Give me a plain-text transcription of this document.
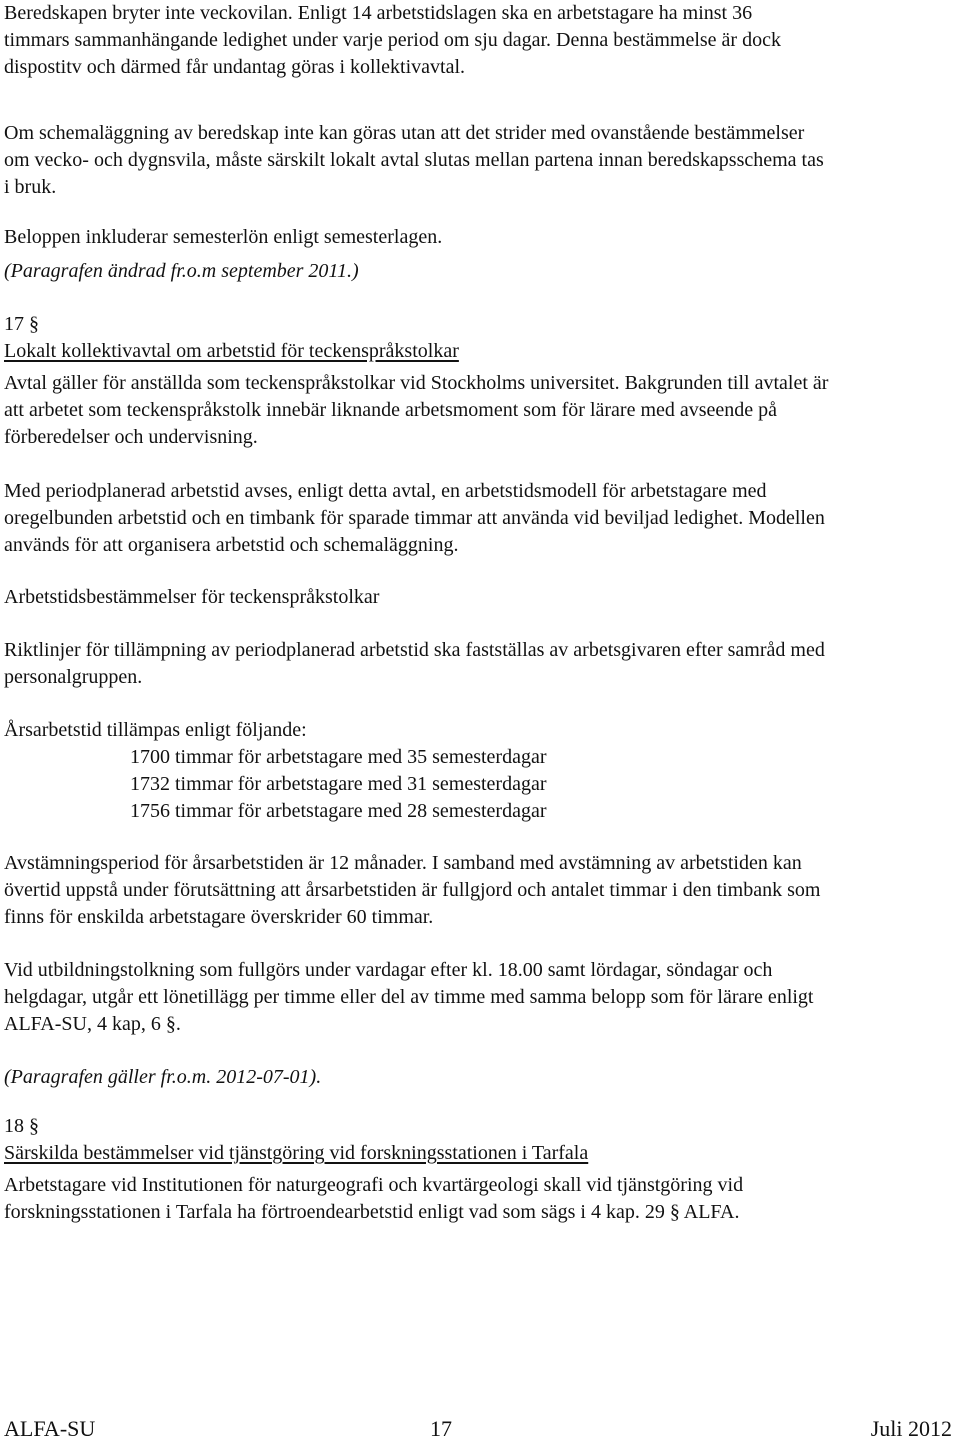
Beredskapen bryter inte veckovilan. Enligt 14 arbetstidslagen ska en arbetstagare ha minst 36
timmars sammanhängande ledighet under varje period om sju dagar. Denna bestämmelse är dock
dispostitv och därmed får undantag göras i kollektivavtal.

Om schemaläggning av beredskap inte kan göras utan att det strider med ovanstående bestämmelser
om vecko- och dygnsvila, måste särskilt lokalt avtal slutas mellan partena innan beredskapsschema tas
i bruk.

Beloppen inkluderar semesterlön enligt semesterlagen.

(Paragrafen ändrad fr.o.m september 2011.)

17 §

Lokalt kollektivavtal om arbetstid för teckenspråkstolkar

Avtal gäller för anställda som teckenspråkstolkar vid Stockholms universitet. Bakgrunden till avtalet är
att arbetet som teckenspråkstolk innebär liknande arbetsmoment som för lärare med avseende på
förberedelser och undervisning.

Med periodplanerad arbetstid avses, enligt detta avtal, en arbetstidsmodell för arbetstagare med
oregelbunden arbetstid och en timbank för sparade timmar att använda vid beviljad ledighet. Modellen
används för att organisera arbetstid och schemaläggning.

Arbetstidsbestämmelser för teckenspråkstolkar

Riktlinjer för tillämpning av periodplanerad arbetstid ska fastställas av arbetsgivaren efter samråd med
personalgruppen.

Årsarbetstid tillämpas enligt följande:
1700 timmar för arbetstagare med 35 semesterdagar
1732 timmar för arbetstagare med 31 semesterdagar
1756 timmar för arbetstagare med 28 semesterdagar

Avstämningsperiod för årsarbetstiden är 12 månader. I samband med avstämning av arbetstiden kan
övertid uppstå under förutsättning att årsarbetstiden är fullgjord och antalet timmar i den timbank som
finns för enskilda arbetstagare överskrider 60 timmar.

Vid utbildningstolkning som fullgörs under vardagar efter kl. 18.00 samt lördagar, söndagar och
helgdagar, utgår ett lönetillägg per timme eller del av timme med samma belopp som för lärare enligt
ALFA-SU, 4 kap, 6 §.

(Paragrafen gäller fr.o.m. 2012-07-01).

18 §

Särskilda bestämmelser vid tjänstgöring vid forskningsstationen i Tarfala

Arbetstagare vid Institutionen för naturgeografi och kvartärgeologi skall vid tjänstgöring vid
forskningsstationen i Tarfala ha förtroendearbetstid enligt vad som sägs i 4 kap. 29 § ALFA.

ALFA-SU	17	Juli 2012
